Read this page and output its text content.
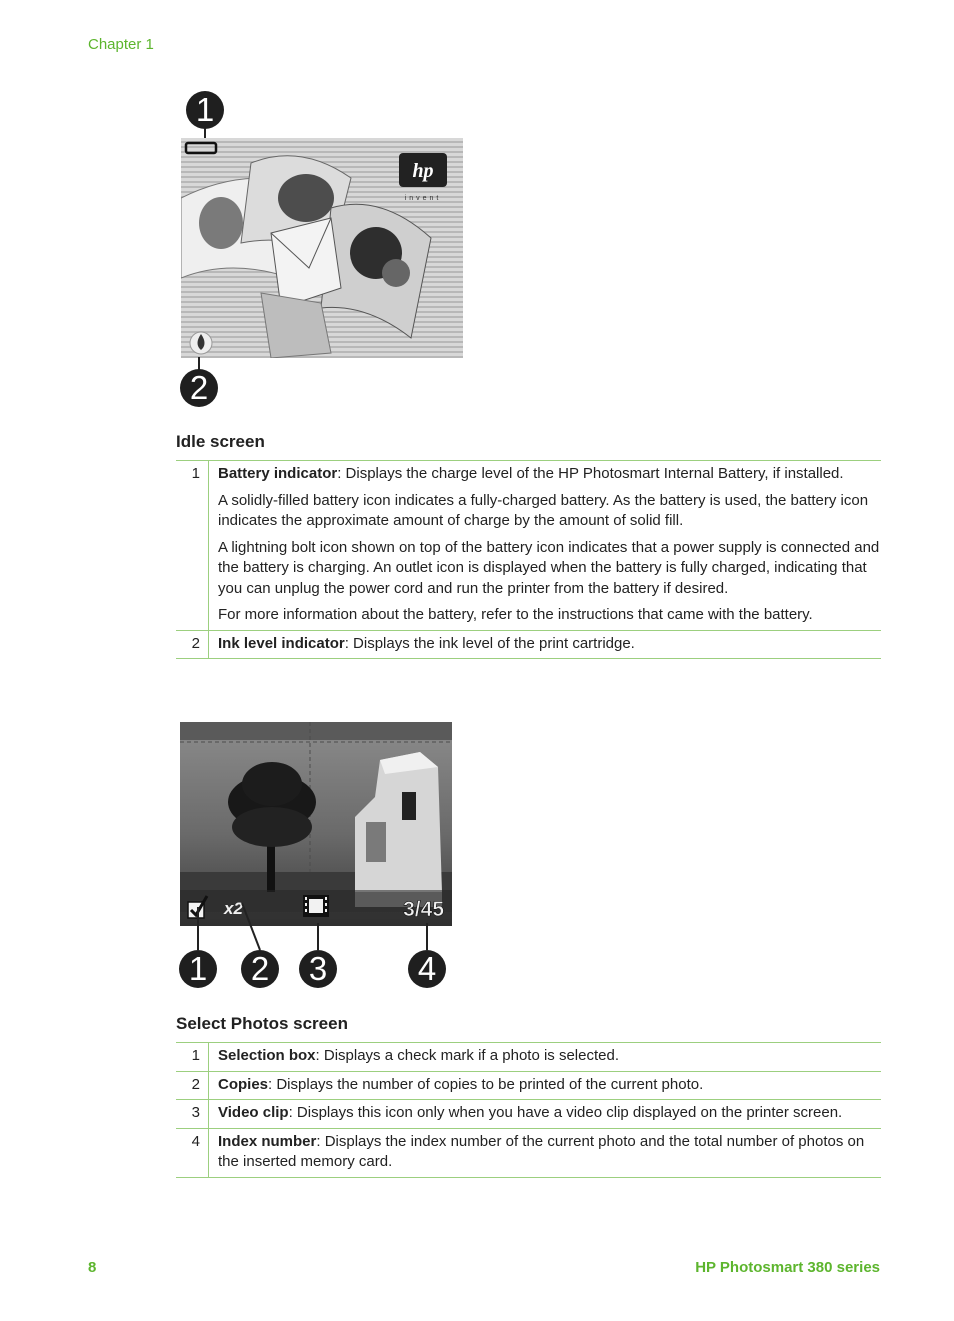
Chapter 1
1
hp
invent
2
Idle screen
1	Battery indicator: Displays the charge level of the HP Photosmart Internal Battery, if installed.

A solidly-filled battery icon indicates a fully-charged battery. As the battery is used, the battery icon indicates the approximate amount of charge by the amount of solid fill.

A lightning bolt icon shown on top of the battery icon indicates that a power supply is connected and the battery is charging. An outlet icon is displayed when the battery is fully charged, indicating that you can unplug the power cord and run the printer from the battery if desired.

For more information about the battery, refer to the instructions that came with the battery.

2	Ink level indicator: Displays the ink level of the print cartridge.
x2	3/45
1 2 3	4
Select Photos screen
1	Selection box: Displays a check mark if a photo is selected.
2	Copies: Displays the number of copies to be printed of the current photo.
3	Video clip: Displays this icon only when you have a video clip displayed on the printer screen.
4	Index number: Displays the index number of the current photo and the total number of photos on the inserted memory card.
8	HP Photosmart 380 series
